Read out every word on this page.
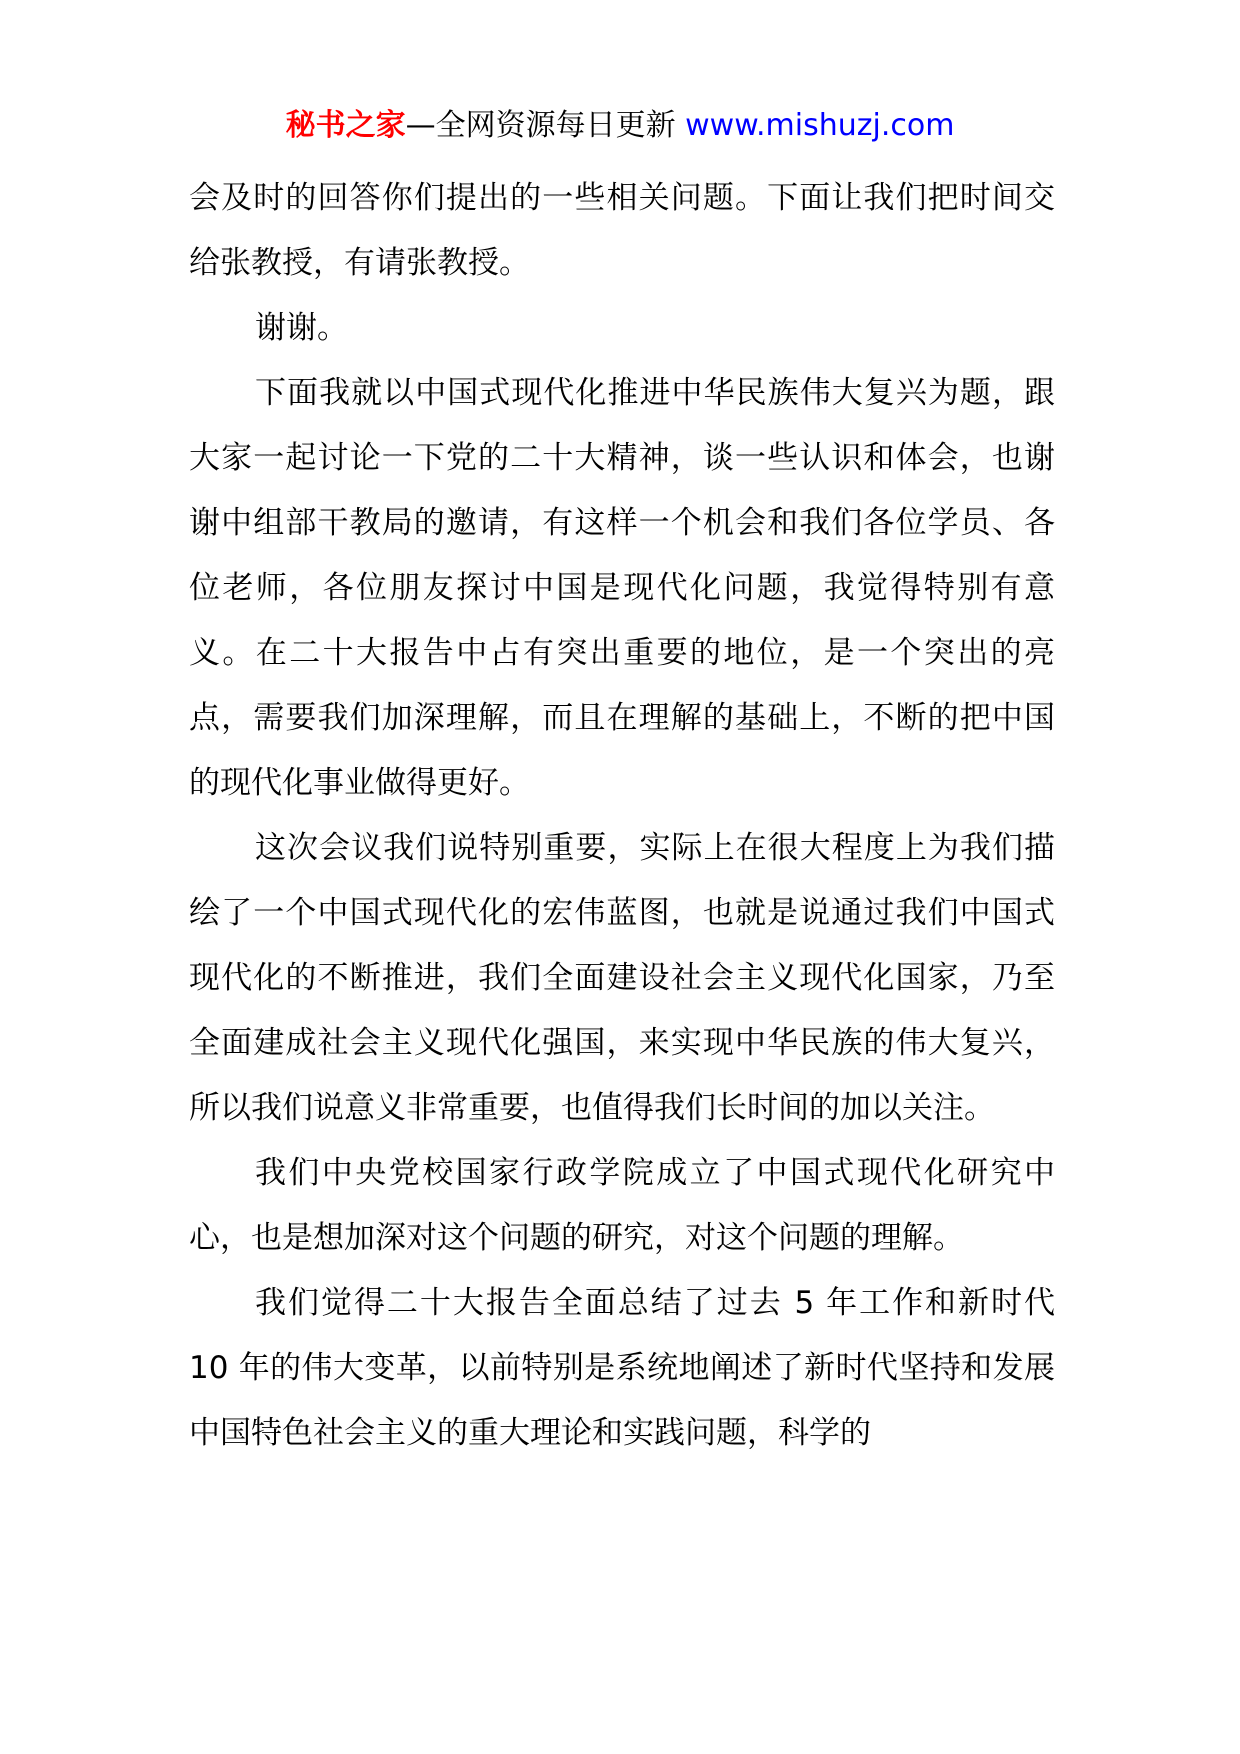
秘书之家—全网资源每日更新 www.mishuzj.com

会及时的回答你们提出的一些相关问题。下面让我们把时间交给张教授，有请张教授。

谢谢。

下面我就以中国式现代化推进中华民族伟大复兴为题，跟大家一起讨论一下党的二十大精神，谈一些认识和体会，也谢谢中组部干教局的邀请，有这样一个机会和我们各位学员、各位老师，各位朋友探讨中国是现代化问题，我觉得特别有意义。在二十大报告中占有突出重要的地位，是一个突出的亮点，需要我们加深理解，而且在理解的基础上，不断的把中国的现代化事业做得更好。

这次会议我们说特别重要，实际上在很大程度上为我们描绘了一个中国式现代化的宏伟蓝图，也就是说通过我们中国式现代化的不断推进，我们全面建设社会主义现代化国家，乃至全面建成社会主义现代化强国，来实现中华民族的伟大复兴，所以我们说意义非常重要，也值得我们长时间的加以关注。

我们中央党校国家行政学院成立了中国式现代化研究中心，也是想加深对这个问题的研究，对这个问题的理解。

我们觉得二十大报告全面总结了过去 5 年工作和新时代 10 年的伟大变革，以前特别是系统地阐述了新时代坚持和发展中国特色社会主义的重大理论和实践问题，科学的
